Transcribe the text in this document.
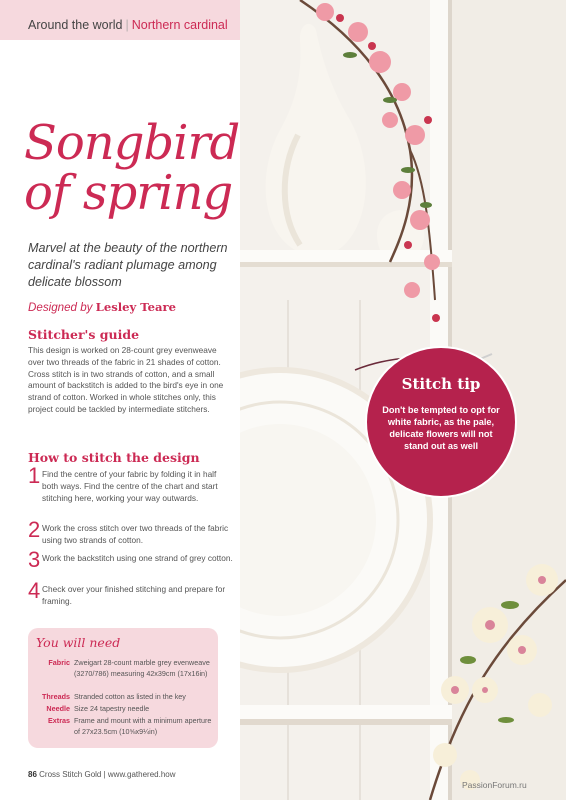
Around the world | Northern cardinal
Songbird
of spring
Marvel at the beauty of the northern cardinal's radiant plumage among delicate blossom
Designed by Lesley Teare
Stitcher's guide
This design is worked on 28-count grey evenweave over two threads of the fabric in 21 shades of cotton. Cross stitch is in two strands of cotton, and a small amount of backstitch is added to the bird's eye in one strand of cotton. Worked in whole stitches only, this project could be tackled by intermediate stitchers.
How to stitch the design
1 Find the centre of your fabric by folding it in half both ways. Find the centre of the chart and start stitching here, working your way outwards.
2 Work the cross stitch over two threads of the fabric using two strands of cotton.
3 Work the backstitch using one strand of grey cotton.
4 Check over your finished stitching and prepare for framing.
You will need
Fabric Zweigart 28-count marble grey evenweave (3270/786) measuring 42x39cm (17x16in)
Threads Stranded cotton as listed in the key
Needle Size 24 tapestry needle
Extras Frame and mount with a minimum aperture of 27x23.5cm (10⅝x9¼in)
86 Cross Stitch Gold | www.gathered.how
Stitch tip
Don't be tempted to opt for white fabric, as the pale, delicate flowers will not stand out as well
PassionForum.ru
